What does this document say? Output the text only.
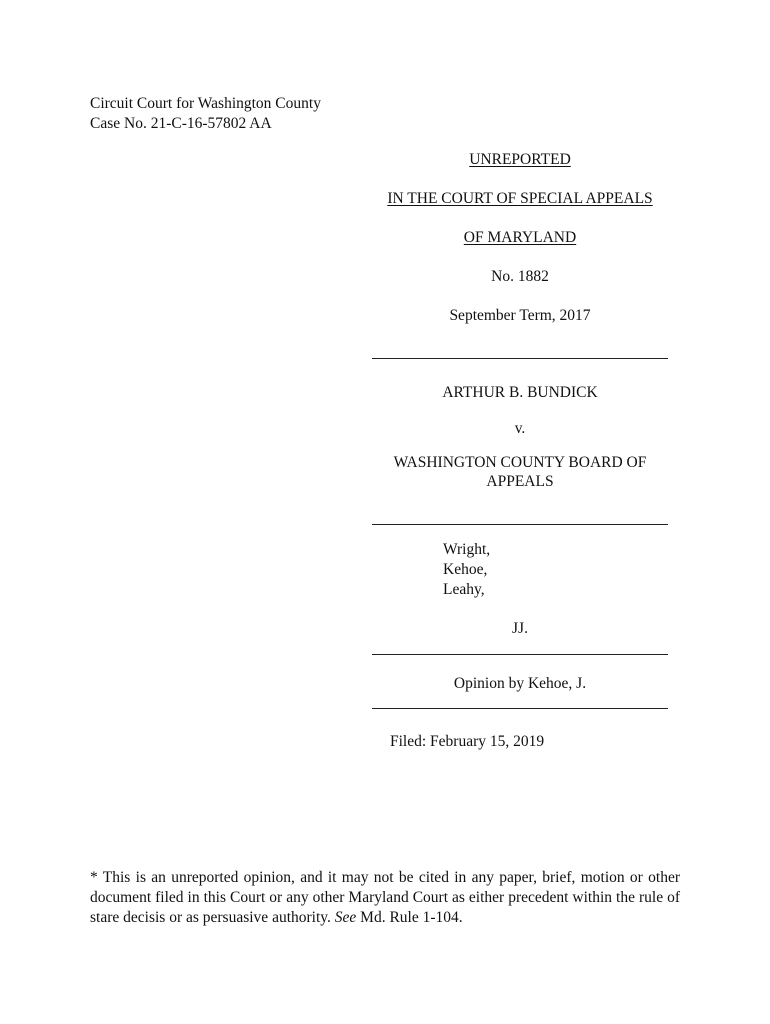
Circuit Court for Washington County
Case No. 21-C-16-57802 AA
UNREPORTED
IN THE COURT OF SPECIAL APPEALS
OF MARYLAND
No. 1882
September Term, 2017
ARTHUR B. BUNDICK
v.
WASHINGTON COUNTY BOARD OF
APPEALS
Wright,
Kehoe,
Leahy,
JJ.
Opinion by Kehoe, J.
Filed: February 15, 2019
* This is an unreported opinion, and it may not be cited in any paper, brief, motion or other document filed in this Court or any other Maryland Court as either precedent within the rule of stare decisis or as persuasive authority. See Md. Rule 1-104.
